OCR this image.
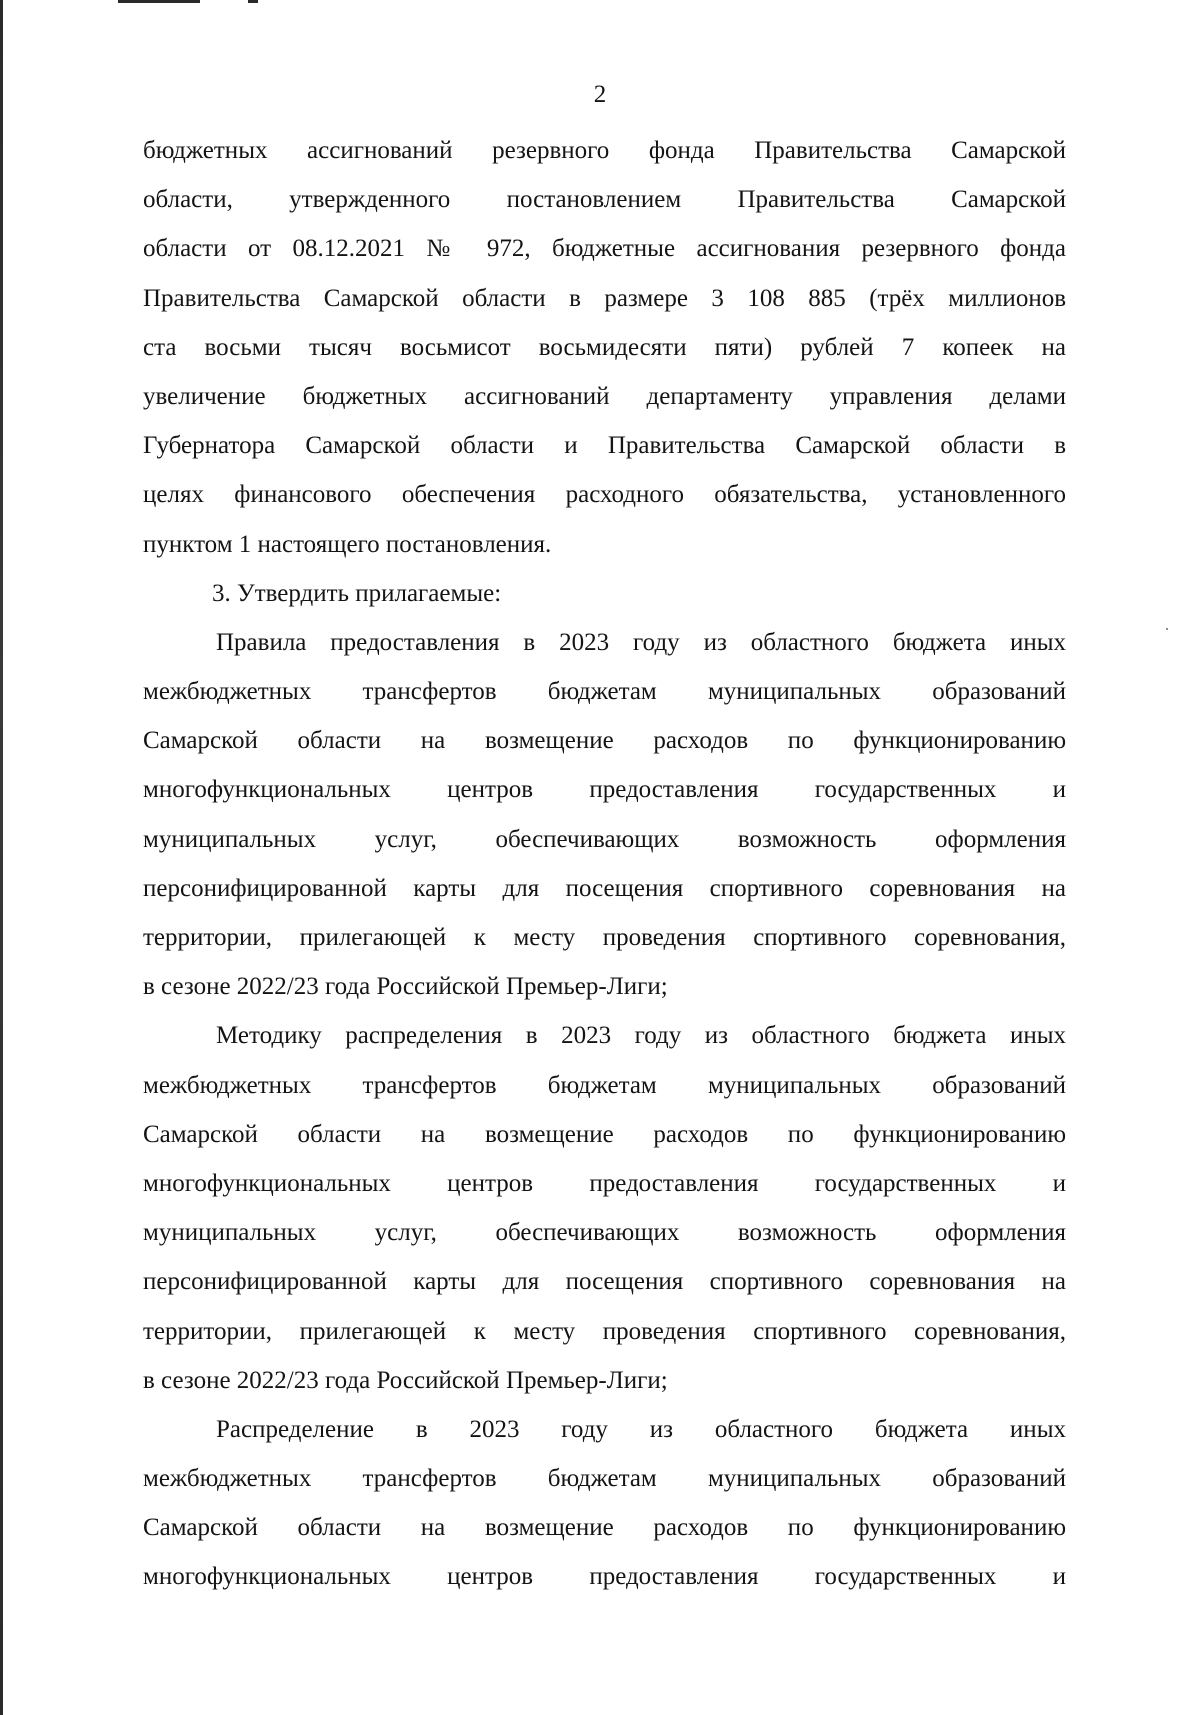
2
бюджетных ассигнований резервного фонда Правительства Самарской
области, утвержденного постановлением Правительства Самарской
области от 08.12.2021 № 972, бюджетные ассигнования резервного фонда
Правительства Самарской области в размере 3 108 885 (трёх миллионов
ста восьми тысяч восьмисот восьмидесяти пяти) рублей 7 копеек на
увеличение бюджетных ассигнований департаменту управления делами
Губернатора Самарской области и Правительства Самарской области в
целях финансового обеспечения расходного обязательства, установленного
пунктом 1 настоящего постановления.
3. Утвердить прилагаемые:
Правила предоставления в 2023 году из областного бюджета иных
межбюджетных трансфертов бюджетам муниципальных образований
Самарской области на возмещение расходов по функционированию
многофункциональных центров предоставления государственных и
муниципальных услуг, обеспечивающих возможность оформления
персонифицированной карты для посещения спортивного соревнования на
территории, прилегающей к месту проведения спортивного соревнования,
в сезоне 2022/23 года Российской Премьер-Лиги;
Методику распределения в 2023 году из областного бюджета иных
межбюджетных трансфертов бюджетам муниципальных образований
Самарской области на возмещение расходов по функционированию
многофункциональных центров предоставления государственных и
муниципальных услуг, обеспечивающих возможность оформления
персонифицированной карты для посещения спортивного соревнования на
территории, прилегающей к месту проведения спортивного соревнования,
в сезоне 2022/23 года Российской Премьер-Лиги;
Распределение в 2023 году из областного бюджета иных
межбюджетных трансфертов бюджетам муниципальных образований
Самарской области на возмещение расходов по функционированию
многофункциональных центров предоставления государственных и
